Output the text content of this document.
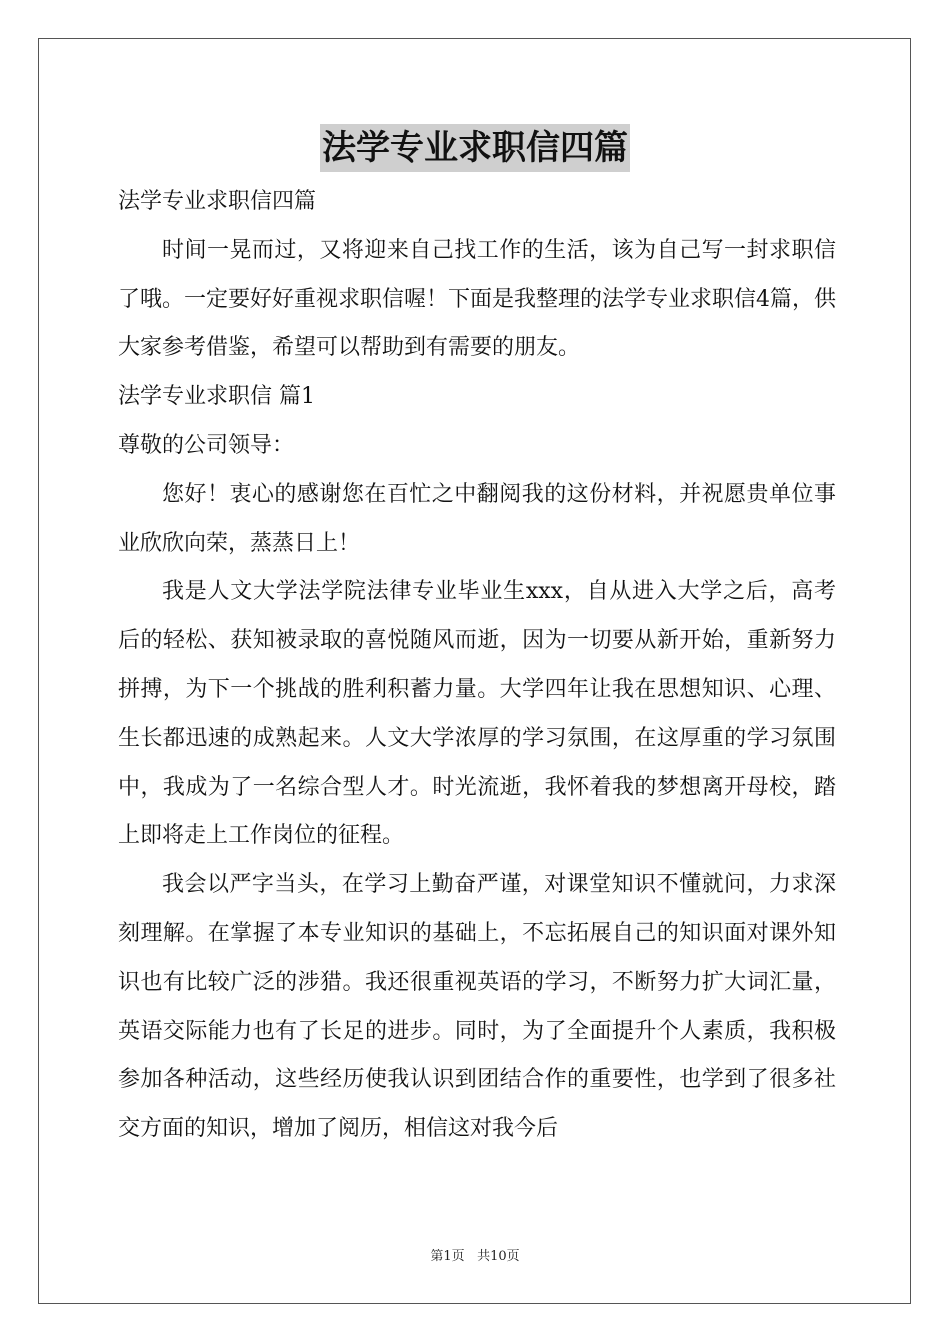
法学专业求职信四篇

法学专业求职信四篇

时间一晃而过，又将迎来自己找工作的生活，该为自己写一封求职信了哦。一定要好好重视求职信喔！下面是我整理的法学专业求职信4篇，供大家参考借鉴，希望可以帮助到有需要的朋友。

法学专业求职信 篇1

尊敬的公司领导：

您好！衷心的感谢您在百忙之中翻阅我的这份材料，并祝愿贵单位事业欣欣向荣，蒸蒸日上！

我是人文大学法学院法律专业毕业生xxx，自从进入大学之后，高考后的轻松、获知被录取的喜悦随风而逝，因为一切要从新开始，重新努力拼搏，为下一个挑战的胜利积蓄力量。大学四年让我在思想知识、心理、生长都迅速的成熟起来。人文大学浓厚的学习氛围，在这厚重的学习氛围中，我成为了一名综合型人才。时光流逝，我怀着我的梦想离开母校，踏上即将走上工作岗位的征程。

我会以严字当头，在学习上勤奋严谨，对课堂知识不懂就问，力求深刻理解。在掌握了本专业知识的基础上，不忘拓展自己的知识面对课外知识也有比较广泛的涉猎。我还很重视英语的学习，不断努力扩大词汇量，英语交际能力也有了长足的进步。同时，为了全面提升个人素质，我积极参加各种活动，这些经历使我认识到团结合作的重要性，也学到了很多社交方面的知识，增加了阅历，相信这对我今后

第1页 共10页
